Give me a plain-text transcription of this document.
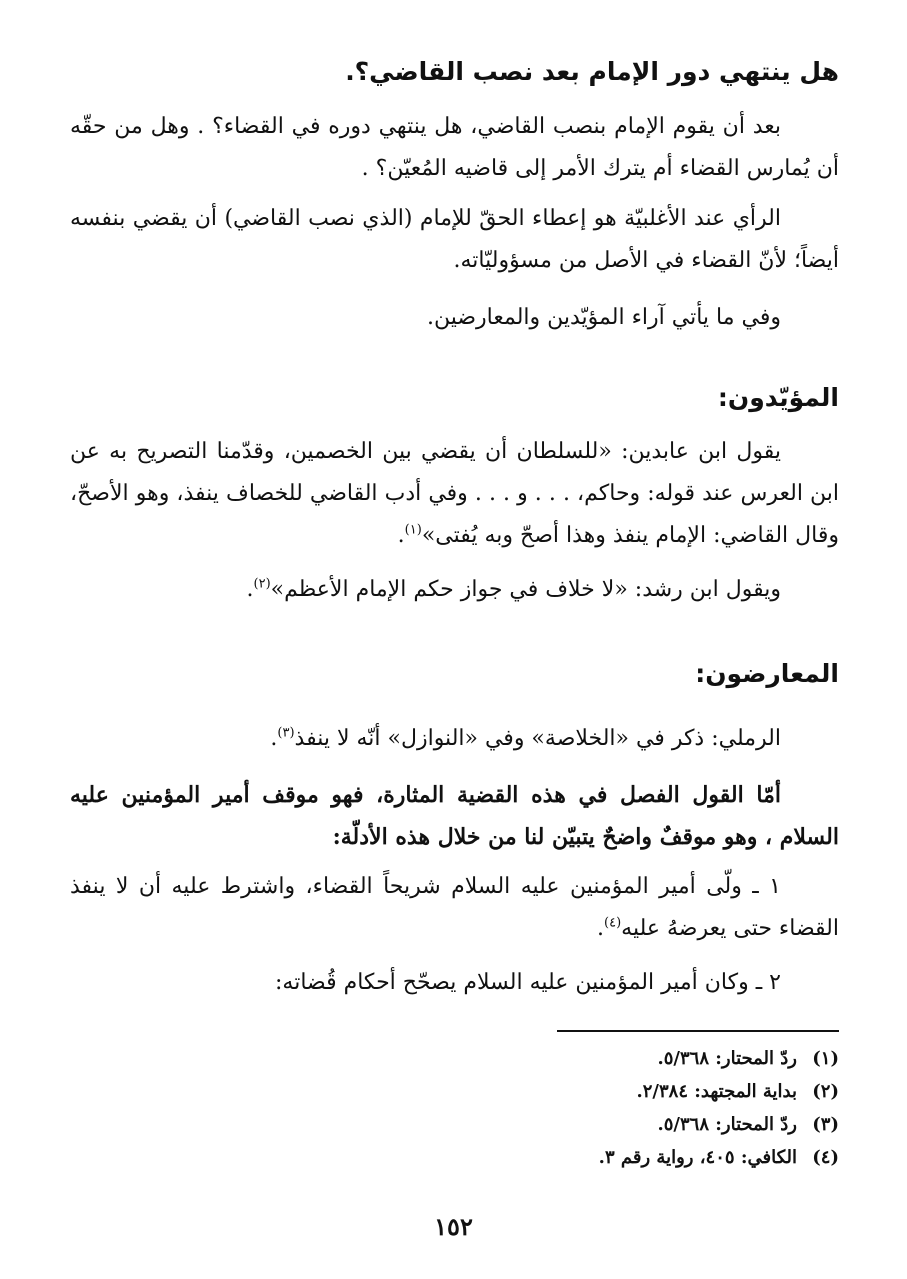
هل ينتهي دور الإمام بعد نصب القاضي؟.
بعد أن يقوم الإمام بنصب القاضي، هل ينتهي دوره في القضاء؟ . وهل من حقّه أن يُمارس القضاء أم يترك الأمر إلى قاضيه المُعيّن؟ .
الرأي عند الأغلبيّة هو إعطاء الحقّ للإمام (الذي نصب القاضي) أن يقضي بنفسه أيضاً؛ لأنّ القضاء في الأصل من مسؤوليّاته.
وفي ما يأتي آراء المؤيّدين والمعارضين.
المؤيّدون:
يقول ابن عابدين: «للسلطان أن يقضي بين الخصمين، وقدّمنا التصريح به عن ابن العرس عند قوله: وحاكم، . . . و . . . وفي أدب القاضي للخصاف ينفذ، وهو الأصحّ، وقال القاضي: الإمام ينفذ وهذا أصحّ وبه يُفتى»$^{(١)}$.
ويقول ابن رشد: «لا خلاف في جواز حكم الإمام الأعظم»$^{(٢)}$.
المعارضون:
الرملي: ذكر في «الخلاصة» وفي «النوازل» أنّه لا ينفذ$^{(٣)}$.
أمّا القول الفصل في هذه القضية المثارة، فهو موقف أمير المؤمنين عليه السلام ، وهو موقفٌ واضحٌ يتبيّن لنا من خلال هذه الأدلّة:
١ ـ ولّى أمير المؤمنين عليه السلام شريحاً القضاء، واشترط عليه أن لا ينفذ القضاء حتى يعرضهُ عليه$^{(٤)}$.
٢ ـ وكان أمير المؤمنين عليه السلام يصحّح أحكام قُضاته:
(١)ردّ المحتار: ٥/٣٦٨.
(٢)بداية المجتهد: ٢/٣٨٤.
(٣)ردّ المحتار: ٥/٣٦٨.
(٤)الكافي: ٤٠٥، رواية رقم ٣.
١٥٢
